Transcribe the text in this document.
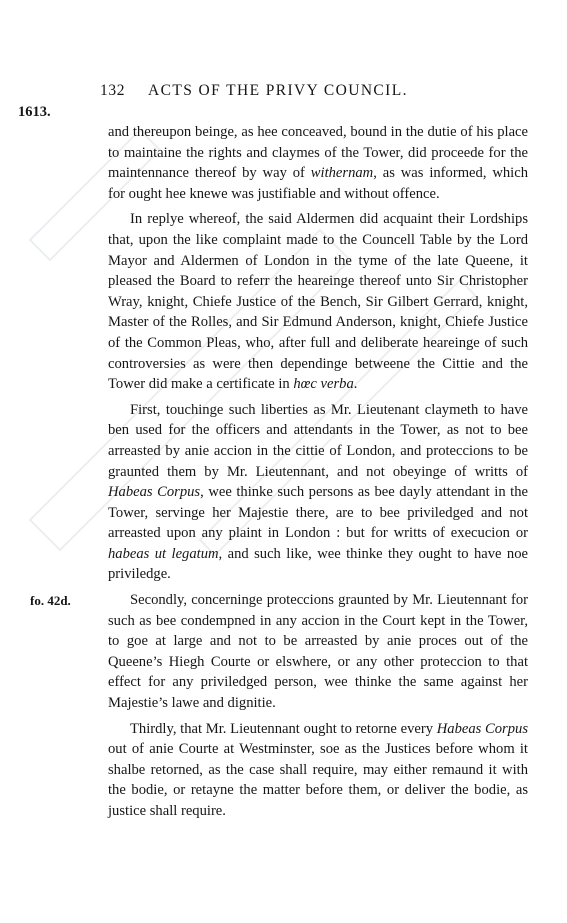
132 ACTS OF THE PRIVY COUNCIL.
1613.
fo. 42d.

and thereupon beinge, as hee conceaved, bound in the dutie of his place to maintaine the rights and claymes of the Tower, did proceede for the maintennance thereof by way of withernam, as was informed, which for ought hee knewe was justifiable and without offence.

In replye whereof, the said Aldermen did acquaint their Lordships that, upon the like complaint made to the Councell Table by the Lord Mayor and Aldermen of London in the tyme of the late Queene, it pleased the Board to referr the heareinge thereof unto Sir Christopher Wray, knight, Chiefe Justice of the Bench, Sir Gilbert Gerrard, knight, Master of the Rolles, and Sir Edmund Anderson, knight, Chiefe Justice of the Common Pleas, who, after full and deliberate heareinge of such controversies as were then dependinge betweene the Cittie and the Tower did make a certificate in hœc verba.

First, touchinge such liberties as Mr. Lieutenant claymeth to have ben used for the officers and attendants in the Tower, as not to bee arreasted by anie accion in the cittie of London, and proteccions to be graunted them by Mr. Lieutennant, and not obeyinge of writts of Habeas Corpus, wee thinke such persons as bee dayly attendant in the Tower, servinge her Majestie there, are to bee priviledged and not arreasted upon any plaint in London : but for writts of execucion or habeas ut legatum, and such like, wee thinke they ought to have noe priviledge.

Secondly, concerninge proteccions graunted by Mr. Lieutennant for such as bee condempned in any accion in the Court kept in the Tower, to goe at large and not to be arreasted by anie proces out of the Queene’s Hiegh Courte or elswhere, or any other proteccion to that effect for any priviledged person, wee thinke the same against her Majestie’s lawe and dignitie.

Thirdly, that Mr. Lieutennant ought to retorne every Habeas Corpus out of anie Courte at Westminster, soe as the Justices before whom it shalbe retorned, as the case shall require, may either remaund it with the bodie, or retayne the matter before them, or deliver the bodie, as justice shall require.
